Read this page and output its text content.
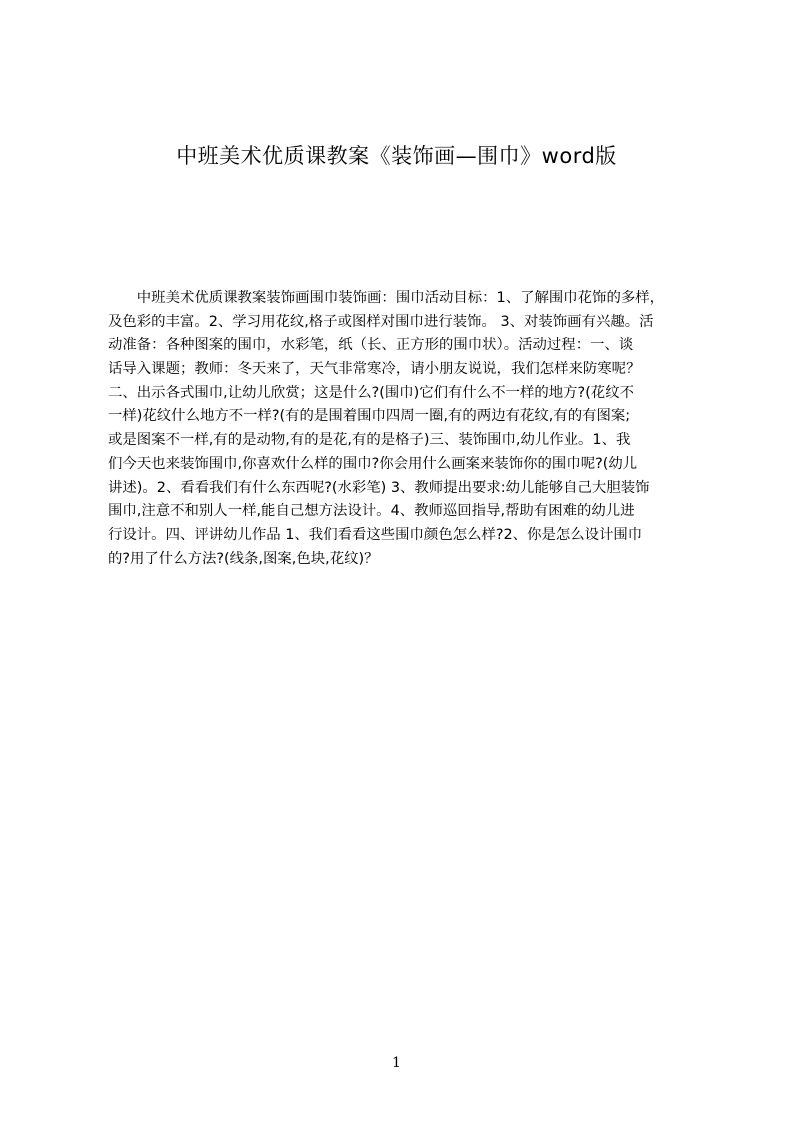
中班美术优质课教案《装饰画—围巾》word版
　　中班美术优质课教案装饰画围巾装饰画：围巾活动目标：1、了解围巾花饰的多样，
及色彩的丰富。2、学习用花纹,格子或图样对围巾进行装饰。 3、对装饰画有兴趣。活
动准备：各种图案的围巾，水彩笔，纸（长、正方形的围巾状）。活动过程：一、谈
话导入课题；教师：冬天来了，天气非常寒冷，请小朋友说说，我们怎样来防寒呢？
二、出示各式围巾,让幼儿欣赏；这是什么?(围巾)它们有什么不一样的地方?(花纹不
一样)花纹什么地方不一样?(有的是围着围巾四周一圈,有的两边有花纹,有的有图案;
或是图案不一样,有的是动物,有的是花,有的是格子)三、装饰围巾,幼儿作业。1、我
们今天也来装饰围巾,你喜欢什么样的围巾?你会用什么画案来装饰你的围巾呢?(幼儿
讲述)。2、看看我们有什么东西呢?(水彩笔) 3、教师提出要求:幼儿能够自己大胆装饰
围巾,注意不和别人一样,能自己想方法设计。4、教师巡回指导,帮助有困难的幼儿进
行设计。四、评讲幼儿作品 1、我们看看这些围巾颜色怎么样?2、你是怎么设计围巾
的?用了什么方法?(线条,图案,色块,花纹)？
1
